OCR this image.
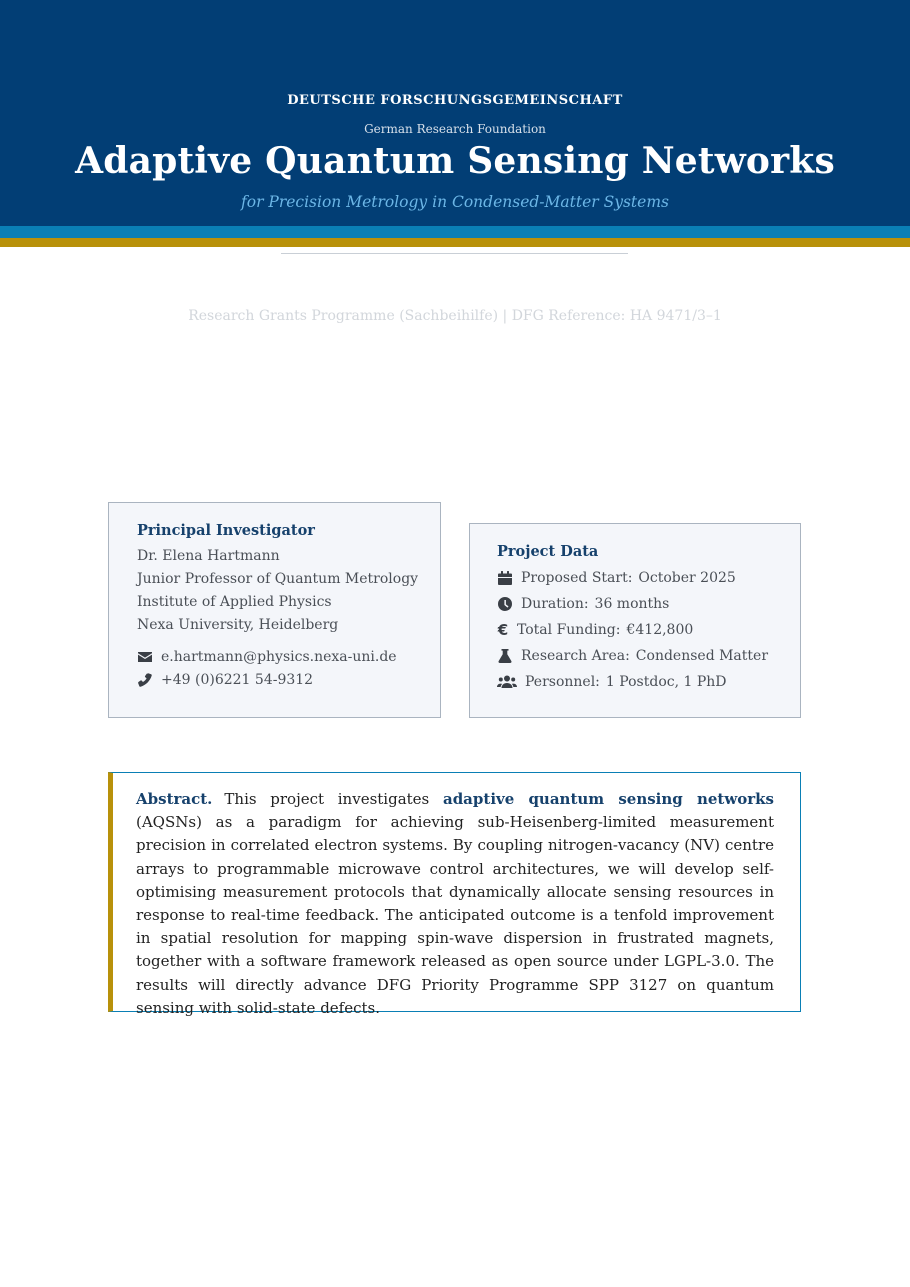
DEUTSCHE FORSCHUNGSGEMEINSCHAFT
German Research Foundation
Adaptive Quantum Sensing Networks
for Precision Metrology in Condensed-Matter Systems
Research Grants Programme (Sachbeihilfe) | DFG Reference: HA 9471/3–1
Principal Investigator
Dr. Elena Hartmann
Junior Professor of Quantum Metrology
Institute of Applied Physics
Nexa University, Heidelberg
e.hartmann@physics.nexa-uni.de
+49 (0)6221 54-9312
Project Data
Proposed Start: October 2025
Duration: 36 months
€ Total Funding: €412,800
Research Area: Condensed Matter
Personnel: 1 Postdoc, 1 PhD
Abstract. This project investigates adaptive quantum sensing networks (AQSNs) as a paradigm for achieving sub-Heisenberg-limited measurement precision in correlated electron systems. By coupling nitrogen-vacancy (NV) centre arrays to programmable microwave control architectures, we will develop self-optimising measurement protocols that dynamically allocate sensing resources in response to real-time feedback. The anticipated outcome is a tenfold improvement in spatial resolution for mapping spin-wave dispersion in frustrated magnets, together with a software framework released as open source under LGPL-3.0. The results will directly advance DFG Priority Programme SPP 3127 on quantum sensing with solid-state defects.
